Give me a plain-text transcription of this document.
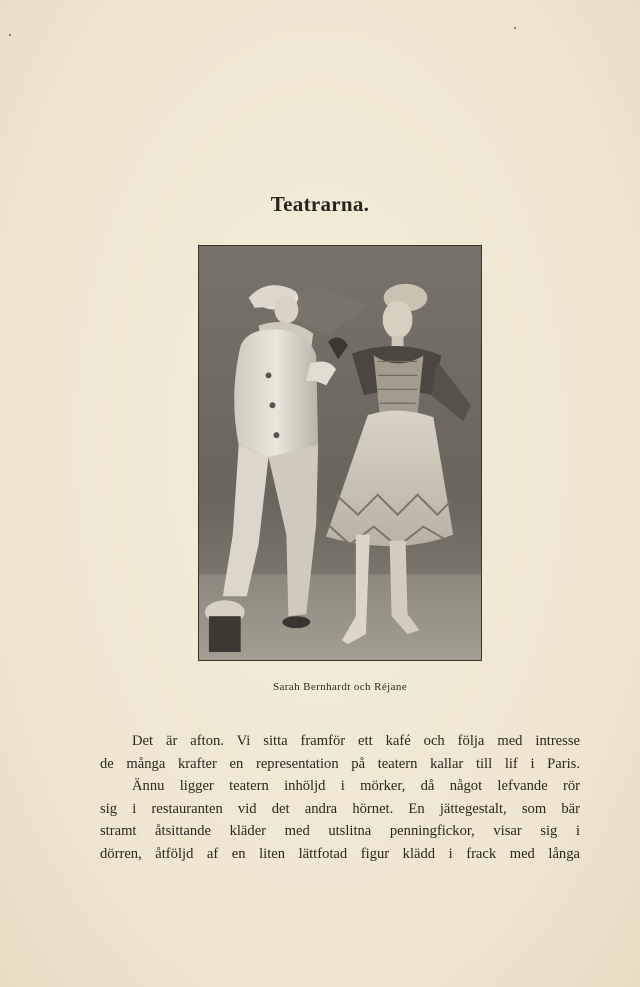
Teatrarna.
Sarah Bernhardt och Réjane
Det är afton. Vi sitta framför ett kafé och följa med intresse
de många krafter en representation på teatern kallar till lif i Paris.
Ännu ligger teatern inhöljd i mörker, då något lefvande rör
sig i restauranten vid det andra hörnet. En jättegestalt, som bär
stramt åtsittande kläder med utslitna penningfickor, visar sig i
dörren, åtföljd af en liten lättfotad figur klädd i frack med långa
